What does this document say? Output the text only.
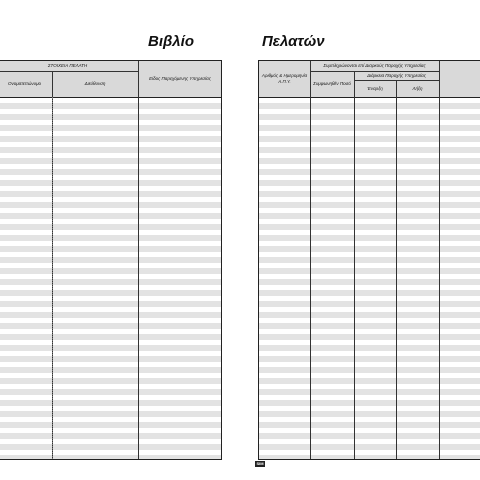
Βιβλίο	Πελατών
ΣΤΟΙΧΕΙΑ ΠΕΛΑΤΗ
Ονοματεπώνυμο	Διεύθυνση
Είδος Παρεχόμενης Υπηρεσίας
Αριθμός & Ημερομηνία Α.Π.Υ.
Συμπληρώνονται επί Διαρκούς Παροχής Υπηρεσίας
Συμφωνηθέν Ποσό
Διάρκεια Παροχής Υπηρεσίας
Έναρξη	Λήξη
SIM
